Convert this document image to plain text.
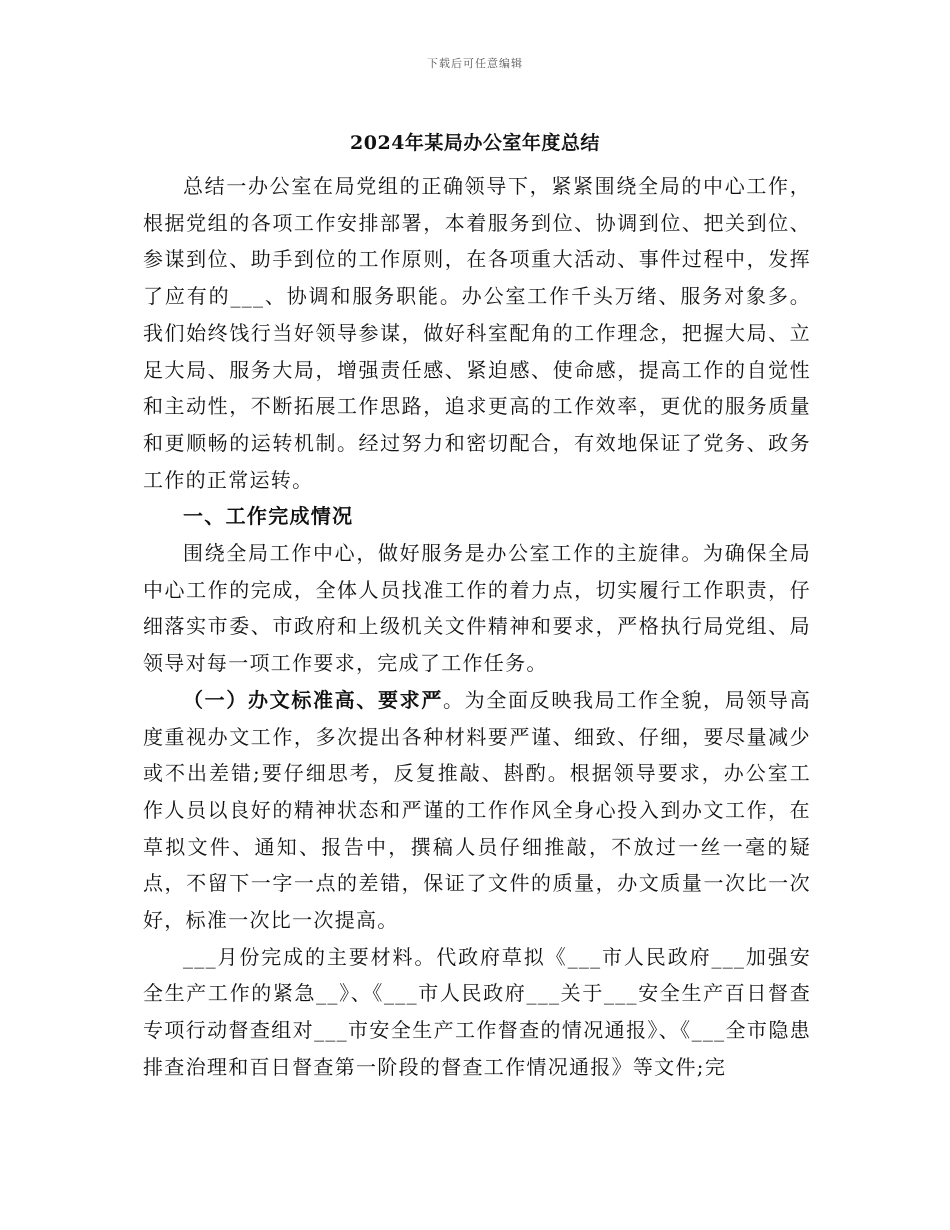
下载后可任意编辑
2024年某局办公室年度总结

总结一办公室在局党组的正确领导下，紧紧围绕全局的中心工作，根据党组的各项工作安排部署，本着服务到位、协调到位、把关到位、参谋到位、助手到位的工作原则，在各项重大活动、事件过程中，发挥了应有的___、协调和服务职能。办公室工作千头万绪、服务对象多。我们始终饯行当好领导参谋，做好科室配角的工作理念，把握大局、立足大局、服务大局，增强责任感、紧迫感、使命感，提高工作的自觉性和主动性，不断拓展工作思路，追求更高的工作效率，更优的服务质量和更顺畅的运转机制。经过努力和密切配合，有效地保证了党务、政务工作的正常运转。

一、工作完成情况

围绕全局工作中心，做好服务是办公室工作的主旋律。为确保全局中心工作的完成，全体人员找准工作的着力点，切实履行工作职责，仔细落实市委、市政府和上级机关文件精神和要求，严格执行局党组、局领导对每一项工作要求，完成了工作任务。

（一）办文标准高、要求严。为全面反映我局工作全貌，局领导高度重视办文工作，多次提出各种材料要严谨、细致、仔细，要尽量减少或不出差错;要仔细思考，反复推敲、斟酌。根据领导要求，办公室工作人员以良好的精神状态和严谨的工作作风全身心投入到办文工作，在草拟文件、通知、报告中，撰稿人员仔细推敲，不放过一丝一毫的疑点，不留下一字一点的差错，保证了文件的质量，办文质量一次比一次好，标准一次比一次提高。

___月份完成的主要材料。代政府草拟《___市人民政府___加强安全生产工作的紧急__》、《___市人民政府___关于___安全生产百日督查专项行动督查组对___市安全生产工作督查的情况通报》、《___全市隐患排查治理和百日督查第一阶段的督查工作情况通报》等文件;完
